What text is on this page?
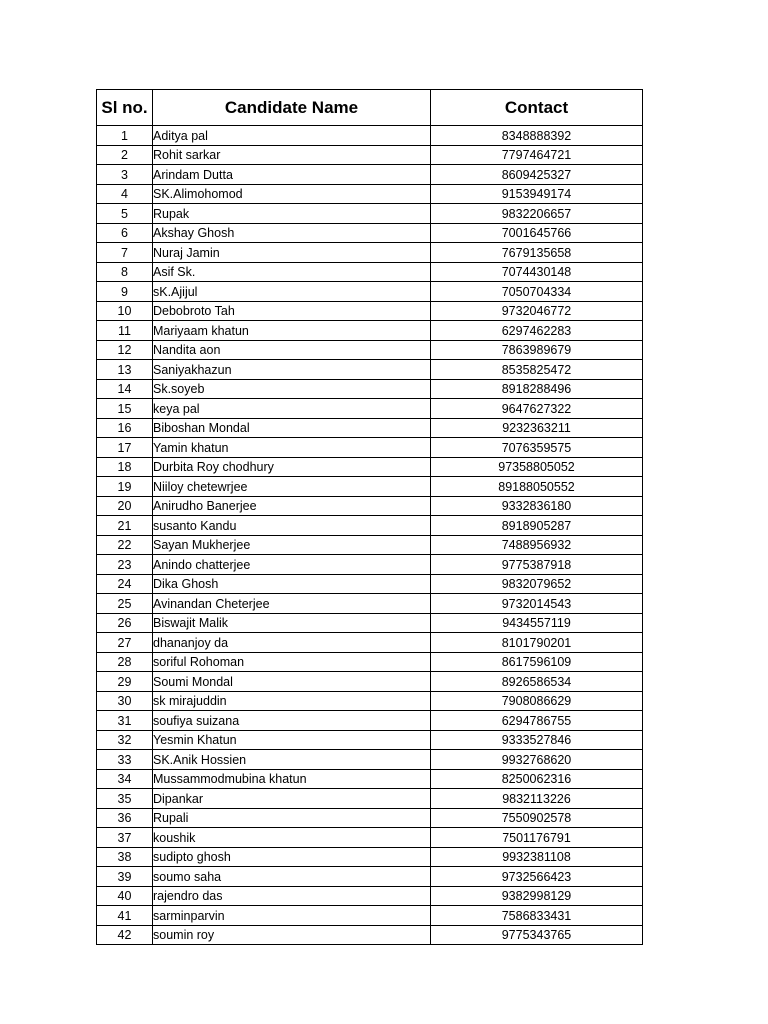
Sl no.	Candidate Name	Contact
1	Aditya pal	8348888392
2	Rohit sarkar	7797464721
3	Arindam Dutta	8609425327
4	SK.Alimohomod	9153949174
5	Rupak	9832206657
6	Akshay Ghosh	7001645766
7	Nuraj Jamin	7679135658
8	Asif Sk.	7074430148
9	sK.Ajijul	7050704334
10	Debobroto Tah	9732046772
11	Mariyaam khatun	6297462283
12	Nandita aon	7863989679
13	Saniyakhazun	8535825472
14	Sk.soyeb	8918288496
15	keya pal	9647627322
16	Biboshan Mondal	9232363211
17	Yamin khatun	7076359575
18	Durbita Roy chodhury	97358805052
19	Niiloy chetewrjee	89188050552
20	Anirudho Banerjee	9332836180
21	susanto Kandu	8918905287
22	Sayan Mukherjee	7488956932
23	Anindo chatterjee	9775387918
24	Dika Ghosh	9832079652
25	Avinandan Cheterjee	9732014543
26	Biswajit Malik	9434557119
27	dhananjoy da	8101790201
28	soriful Rohoman	8617596109
29	Soumi Mondal	8926586534
30	sk mirajuddin	7908086629
31	soufiya suizana	6294786755
32	Yesmin Khatun	9333527846
33	SK.Anik Hossien	9932768620
34	Mussammodmubina khatun	8250062316
35	Dipankar	9832113226
36	Rupali	7550902578
37	koushik	7501176791
38	sudipto ghosh	9932381108
39	soumo saha	9732566423
40	rajendro das	9382998129
41	sarminparvin	7586833431
42	soumin roy	9775343765
